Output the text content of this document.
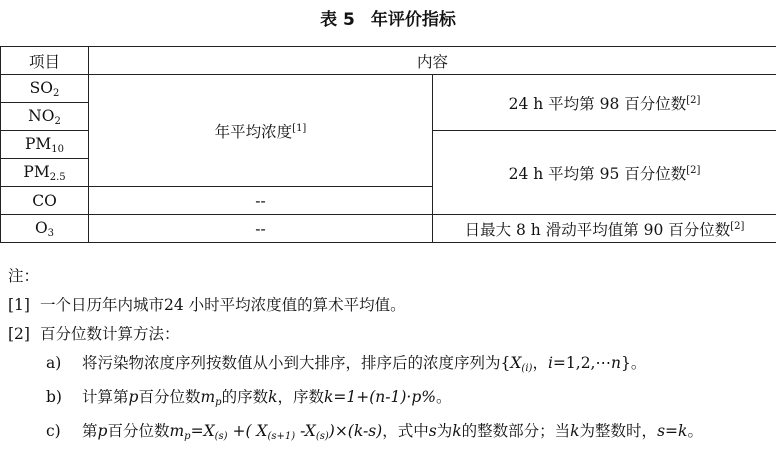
表 5 年评价指标
项目	内容	
$SO_2$	年平均浓度[1]	24 h 平均第 98 百分位数[2]
$NO_2$
$PM_{10}$		24 h 平均第 95 百分位数[2]
$PM_{2.5}$
CO	--	
$O_3$	--	日最大 8 h 滑动平均值第 90 百分位数[2]
注：
[1] 一个日历年内城市24 小时平均浓度值的算术平均值。
[2] 百分位数计算方法：
a) 将污染物浓度序列按数值从小到大排序，排序后的浓度序列为{X(i)，i=1,2,⋯n}。
b) 计算第p百分位数mp的序数k，序数k=1+(n-1)·p%。
c) 第p百分位数mp=X(s) +( X(s+1) -X(s))×(k-s)，式中s为k的整数部分；当k为整数时，s=k。
